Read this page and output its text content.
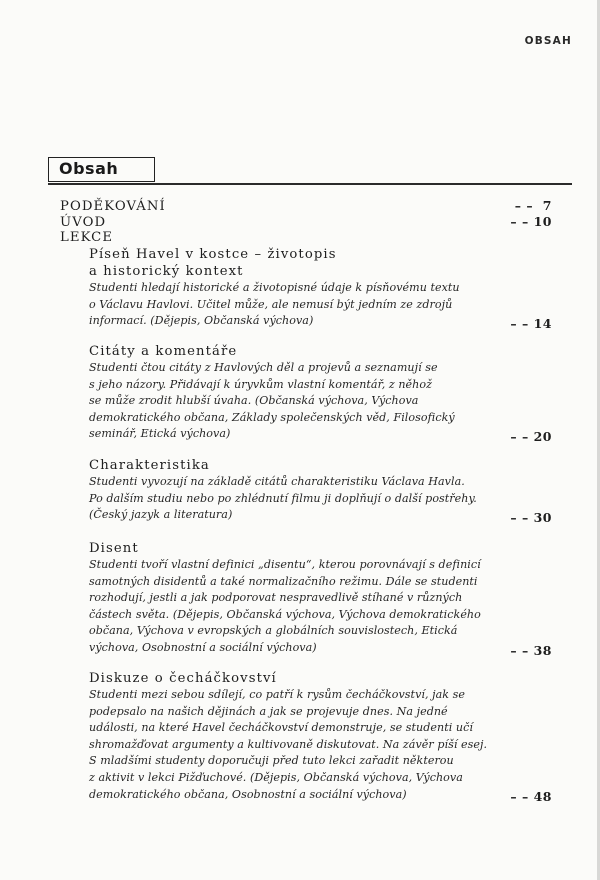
OBSAH
Obsah
PODĚKOVÁNÍ	– –  7
ÚVOD	– – 10
LEKCE
Píseň Havel v kostce – životopis
a historický kontext
Studenti hledají historické a životopisné údaje k písňovému textu
o Václavu Havlovi. Učitel může, ale nemusí být jedním ze zdrojů
informací. (Dějepis, Občanská výchova)	– – 14
Citáty a komentáře
Studenti čtou citáty z Havlových děl a projevů a seznamují se
s jeho názory. Přidávají k úryvkům vlastní komentář, z něhož
se může zrodit hlubší úvaha. (Občanská výchova, Výchova
demokratického občana, Základy společenských věd, Filosofický
seminář, Etická výchova)	– – 20
Charakteristika
Studenti vyvozují na základě citátů charakteristiku Václava Havla.
Po dalším studiu nebo po zhlédnutí filmu ji doplňují o další postřehy.
(Český jazyk a literatura)	– – 30
Disent
Studenti tvoří vlastní definici „disentu“, kterou porovnávají s definicí
samotných disidentů a také normalizačního režimu. Dále se studenti
rozhodují, jestli a jak podporovat nespravedlivě stíhané v různých
částech světa. (Dějepis, Občanská výchova, Výchova demokratického
občana, Výchova v evropských a globálních souvislostech, Etická
výchova, Osobnostní a sociální výchova)	– – 38
Diskuze o čecháčkovství
Studenti mezi sebou sdílejí, co patří k rysům čecháčkovství, jak se
podepsalo na našich dějinách a jak se projevuje dnes. Na jedné
události, na které Havel čecháčkovství demonstruje, se studenti učí
shromažďovat argumenty a kultivovaně diskutovat. Na závěr píší esej.
S mladšími studenty doporučuji před tuto lekci zařadit některou
z aktivit v lekci Pižďuchové. (Dějepis, Občanská výchova, Výchova
demokratického občana, Osobnostní a sociální výchova)	– – 48
